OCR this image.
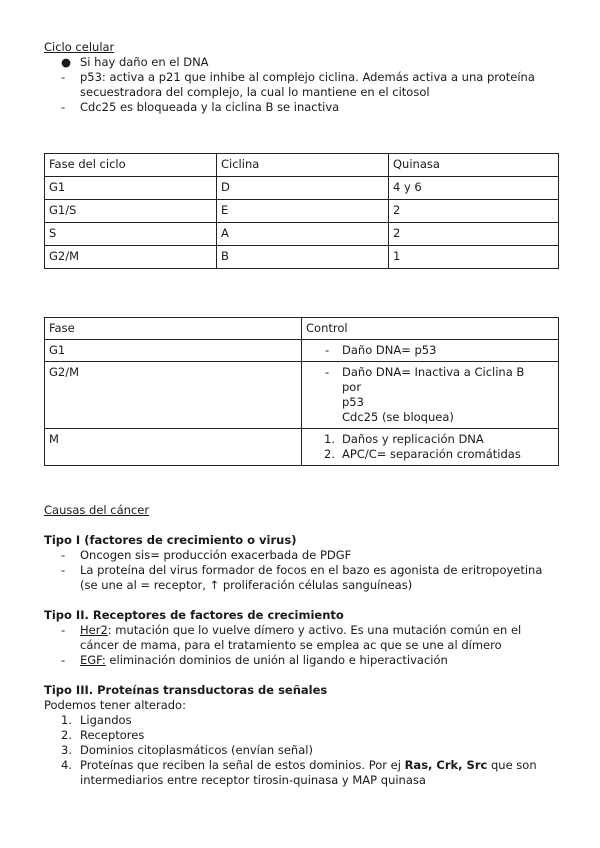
Ciclo celular

● Si hay daño en el DNA
- p53: activa a p21 que inhibe al complejo ciclina. Además activa a una proteína secuestradora del complejo, la cual lo mantiene en el citosol
- Cdc25 es bloqueada y la ciclina B se inactiva
Fase del ciclo	Ciclina	Quinasa
G1	D	4 y 6
G1/S	E	2
S	A	2
G2/M	B	1
Fase	Control
G1	- Daño DNA= p53

G2/M	- Daño DNA= Inactiva a Ciclina B
por
p53
Cdc25 (se bloquea)

M	1. Daños y replicación DNA
2. APC/C= separación cromátidas

Causas del cáncer

Tipo I (factores de crecimiento o virus)

- Oncogen sis= producción exacerbada de PDGF
- La proteína del virus formador de focos en el bazo es agonista de eritropoyetina (se une al = receptor, ↑ proliferación células sanguíneas)

Tipo II. Receptores de factores de crecimiento

- Her2: mutación que lo vuelve dímero y activo. Es una mutación común en el cáncer de mama, para el tratamiento se emplea ac que se une al dímero
- EGF: eliminación dominios de unión al ligando e hiperactivación

Tipo III. Proteínas transductoras de señales

Podemos tener alterado:

1. Ligandos
2. Receptores
3. Dominios citoplasmáticos (envían señal)
4. Proteínas que reciben la señal de estos dominios. Por ej Ras, Crk, Src que son intermediarios entre receptor tirosin-quinasa y MAP quinasa
